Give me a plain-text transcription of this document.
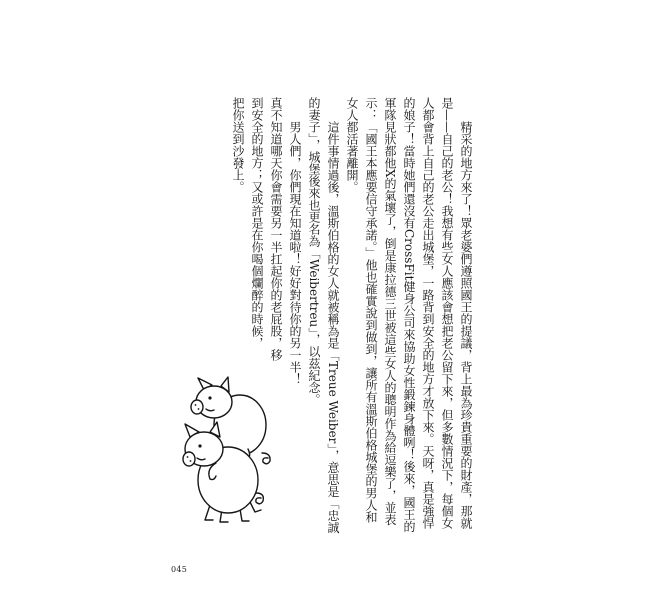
精采的地方來了！眾老婆們遵照國王的提議，背上最為珍貴重要的財產，那就
是——自己的老公！我想有些女人應該會想把老公留下來，但多數情況下，每個女
人都會背上自己的老公走出城堡，一路背到安全的地方才放下來。天呀，真是強悍
的娘子！當時她們還沒有CrossFit健身公司來協助女性鍛鍊身體咧！後來，國王的
軍隊見狀都他X的氣壞了，倒是康拉德三世被這些女人的聰明作為給逗樂了，並表
示：「國王本應要信守承諾。」他也確實說到做到，讓所有溫斯伯格城堡的男人和
女人都活著離開。
這件事情過後，溫斯伯格的女人就被稱為是「Treue Weiber」，意思是「忠誠
的妻子」，城堡後來也更名為「Weibertreu」，以茲紀念。
男人們，你們現在知道啦！好好對待你的另一半！
真不知道哪天你會需要另一半扛起你的老屁股，移
到安全的地方；又或許是在你喝個爛醉的時候，
把你送到沙發上。
045
